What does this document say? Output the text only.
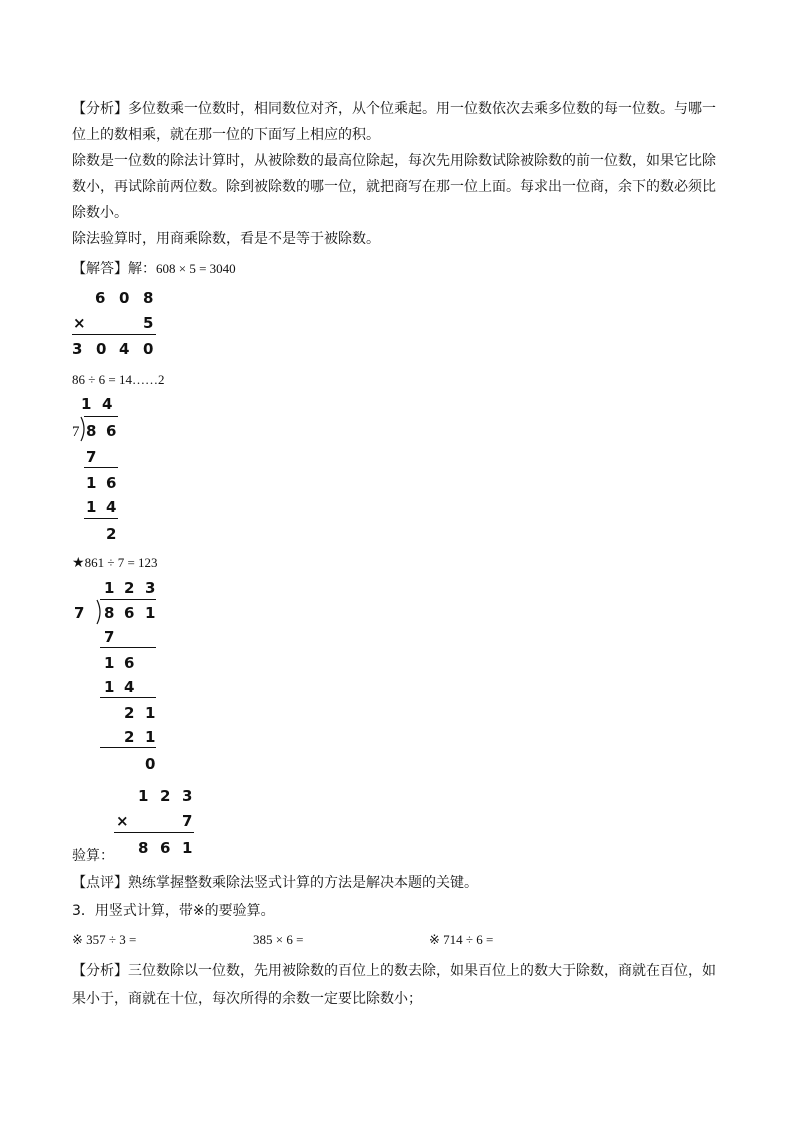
【分析】多位数乘一位数时，相同数位对齐，从个位乘起。用一位数依次去乘多位数的每一位数。与哪一
位上的数相乘，就在那一位的下面写上相应的积。
除数是一位数的除法计算时，从被除数的最高位除起，每次先用除数试除被除数的前一位数，如果它比除
数小，再试除前两位数。除到被除数的哪一位，就把商写在那一位上面。每求出一位商，余下的数必须比
除数小。
除法验算时，用商乘除数，看是不是等于被除数。
【解答】解：608 × 5 = 3040
6 0 8
×	5
3 0 4 0
86 ÷ 6 = 14……2
1 4
7 8 6
7
1 6
1 4
2
★861 ÷ 7 = 123
1 2 3
7 8 6 1
7
1 6
1 4
2 1
2 1
0
1 2 3
×	7
8 6 1
验算：
【点评】熟练掌握整数乘除法竖式计算的方法是解决本题的关键。
3．用竖式计算，带※的要验算。
※ 357 ÷ 3 =	385 × 6 =	※ 714 ÷ 6 =
【分析】三位数除以一位数，先用被除数的百位上的数去除，如果百位上的数大于除数，商就在百位，如
果小于，商就在十位，每次所得的余数一定要比除数小；
